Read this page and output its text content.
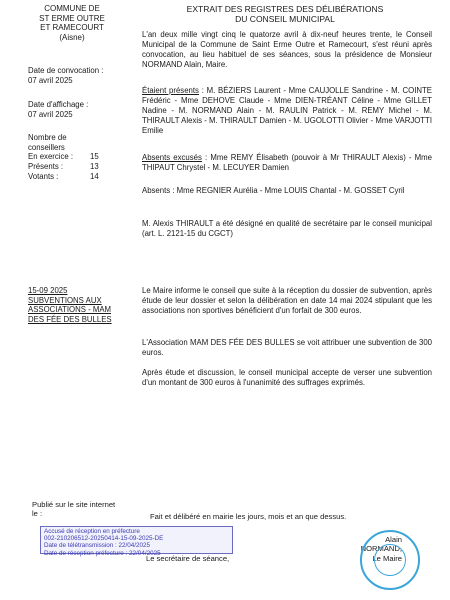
COMMUNE DE
ST ERME OUTRE
ET RAMECOURT
(Aisne)
EXTRAIT DES REGISTRES DES DÉLIBÉRATIONS
DU CONSEIL MUNICIPAL
Date de convocation :
07 avril 2025
Date d'affichage :
07 avril 2025
Nombre de
conseillers
En exercice :	15
Présents :	13
Votants :	14

L'an deux mille vingt cinq le quatorze avril à dix-neuf heures trente, le Conseil Municipal de la Commune de Saint Erme Outre et Ramecourt, s'est réuni après convocation, au lieu habituel de ses séances, sous la présidence de Monsieur NORMAND Alain, Maire.

Étaient présents : M. BÉZIERS Laurent - Mme CAUJOLLE Sandrine - M. COINTE Frédéric - Mme DEHOVE Claude - Mme DIEN-TRÉANT Céline - Mme GILLET Nadine - M. NORMAND Alain - M. RAULIN Patrick - M. REMY Michel - M. THIRAULT Alexis - M. THIRAULT Damien - M. UGOLOTTI Olivier - Mme VARJOTTI Emilie

Absents excusés : Mme REMY Élisabeth (pouvoir à Mr THIRAULT Alexis) - Mme THIPAUT Chrystel - M. LECUYER Damien

Absents : Mme REGNIER Aurélia - Mme LOUIS Chantal - M. GOSSET Cyril

M. Alexis THIRAULT a été désigné en qualité de secrétaire par le conseil municipal (art. L. 2121-15 du CGCT)

15-09 2025
SUBVENTIONS AUX ASSOCIATIONS - MAM DES FÉE DES BULLES

Le Maire informe le conseil que suite à la réception du dossier de subvention, après étude de leur dossier et selon la délibération en date 14 mai 2024 stipulant que les associations non sportives bénéficient d'un forfait de 300 euros.

L'Association MAM DES FÉE DES BULLES se voit attribuer une subvention de 300 euros.

Après étude et discussion, le conseil municipal accepte de verser une subvention d'un montant de 300 euros à l'unanimité des suffrages exprimés.

Publié sur le site internet
le :	Fait et délibéré en mairie les jours, mois et an que dessus.
Accusé de réception en préfecture
002-210206512-20250414-15-09-2025-DE
Date de télétransmission : 22/04/2025
Date de réception préfecture : 22/04/2025
Le secrétaire de séance,
Alain NORMAND,
Le Maire
